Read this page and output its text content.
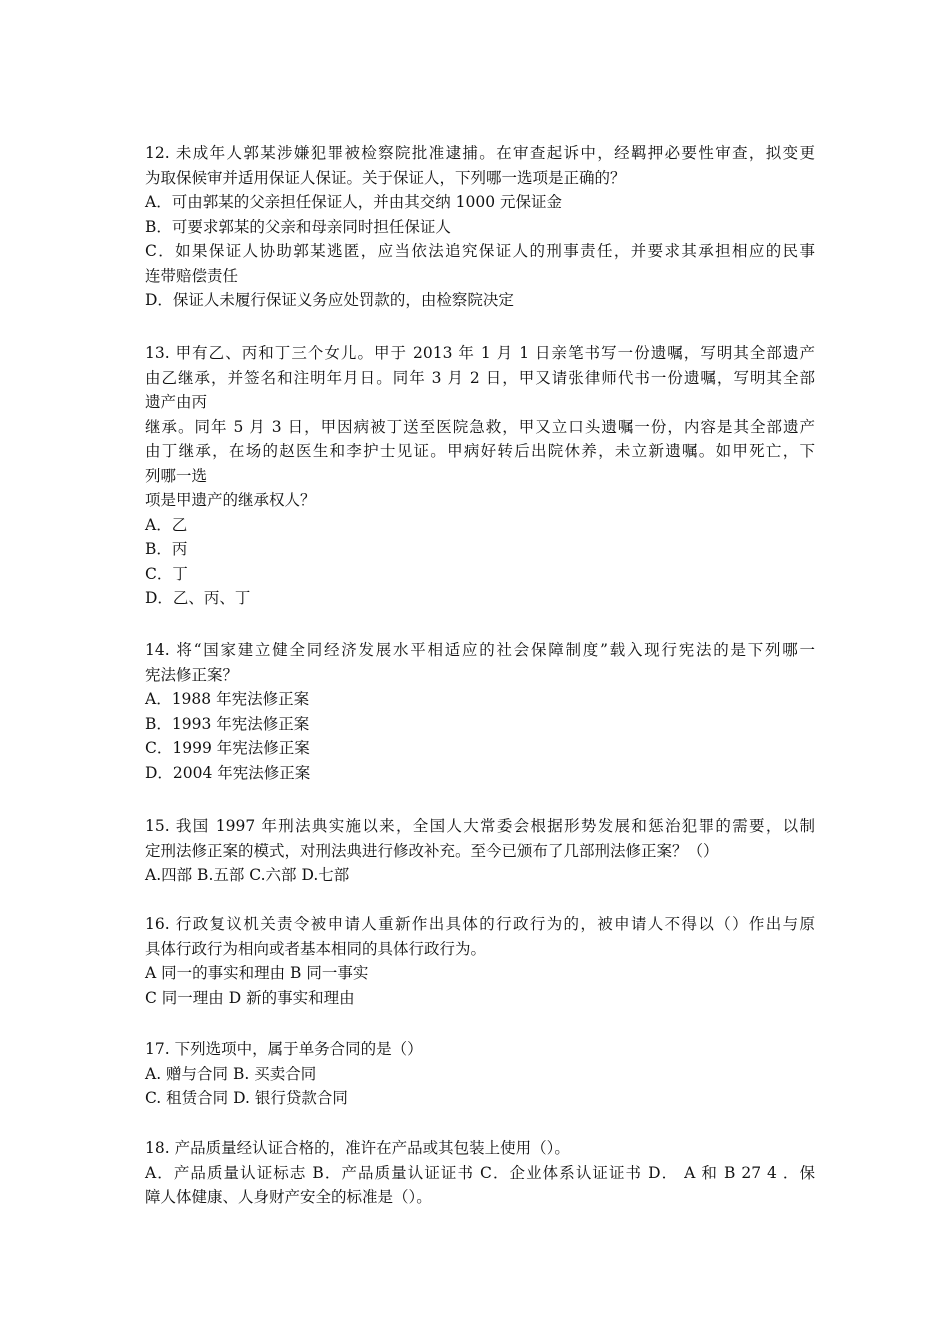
12. 未成年人郭某涉嫌犯罪被检察院批准逮捕。在审查起诉中，经羁押必要性审查，拟变更
为取保候审并适用保证人保证。关于保证人，下列哪一选项是正确的？
A．可由郭某的父亲担任保证人，并由其交纳 1000 元保证金
B．可要求郭某的父亲和母亲同时担任保证人
C．如果保证人协助郭某逃匿，应当依法追究保证人的刑事责任，并要求其承担相应的民事
连带赔偿责任
D．保证人未履行保证义务应处罚款的，由检察院决定
13. 甲有乙、丙和丁三个女儿。甲于 2013 年 1 月 1 日亲笔书写一份遗嘱，写明其全部遗产
由乙继承，并签名和注明年月日。同年 3 月 2 日，甲又请张律师代书一份遗嘱，写明其全部
遗产由丙
继承。同年 5 月 3 日，甲因病被丁送至医院急救，甲又立口头遗嘱一份，内容是其全部遗产
由丁继承，在场的赵医生和李护士见证。甲病好转后出院休养，未立新遗嘱。如甲死亡，下
列哪一选
项是甲遗产的继承权人？
A．乙
B．丙
C．丁
D．乙、丙、丁
14. 将“国家建立健全同经济发展水平相适应的社会保障制度”载入现行宪法的是下列哪一
宪法修正案？
A．1988 年宪法修正案
B．1993 年宪法修正案
C．1999 年宪法修正案
D．2004 年宪法修正案
15. 我国 1997 年刑法典实施以来，全国人大常委会根据形势发展和惩治犯罪的需要，以制
定刑法修正案的模式，对刑法典进行修改补充。至今已颁布了几部刑法修正案？（）
A.四部 B.五部 C.六部 D.七部
16. 行政复议机关责令被申请人重新作出具体的行政行为的，被申请人不得以（）作出与原
具体行政行为相向或者基本相同的具体行政行为。
A 同一的事实和理由 B 同一事实
C 同一理由 D 新的事实和理由
17. 下列选项中，属于单务合同的是（）
A. 赠与合同 B. 买卖合同
C. 租赁合同 D. 银行贷款合同
18. 产品质量经认证合格的，准许在产品或其包装上使用（）。
A．产品质量认证标志 B．产品质量认证证书 C．企业体系认证证书 D． A 和 B 27 4 ．保
障人体健康、人身财产安全的标准是（）。
